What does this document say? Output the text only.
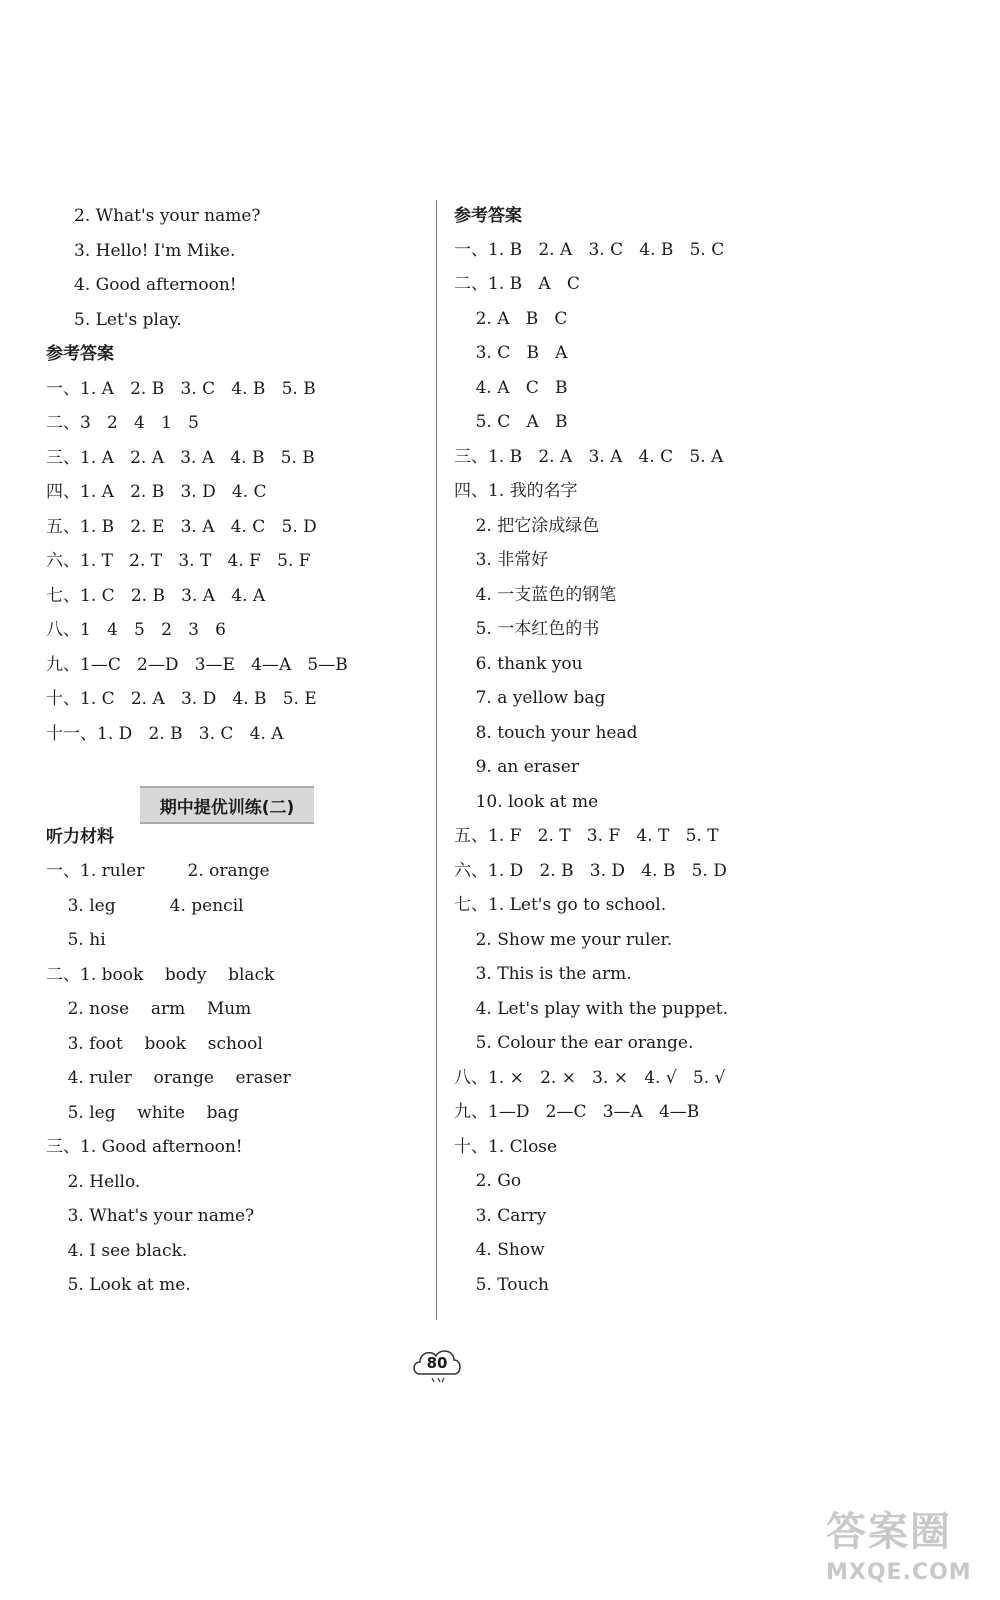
2. What's your name?
3. Hello! I'm Mike.
4. Good afternoon!
5. Let's play.
参考答案
一、1. A   2. B   3. C   4. B   5. B
二、3   2   4   1   5
三、1. A   2. A   3. A   4. B   5. B
四、1. A   2. B   3. D   4. C
五、1. B   2. E   3. A   4. C   5. D
六、1. T   2. T   3. T   4. F   5. F
七、1. C   2. B   3. A   4. A
八、1   4   5   2   3   6
九、1—C   2—D   3—E   4—A   5—B
十、1. C   2. A   3. D   4. B   5. E
十一、1. D   2. B   3. C   4. A
期中提优训练(二)
听力材料
一、1. ruler        2. orange
3. leg          4. pencil
5. hi
二、1. book    body    black
2. nose    arm    Mum
3. foot    book    school
4. ruler    orange    eraser
5. leg    white    bag
三、1. Good afternoon!
2. Hello.
3. What's your name?
4. I see black.
5. Look at me.
参考答案
一、1. B   2. A   3. C   4. B   5. C
二、1. B   A   C
2. A   B   C
3. C   B   A
4. A   C   B
5. C   A   B
三、1. B   2. A   3. A   4. C   5. A
四、1. 我的名字
2. 把它涂成绿色
3. 非常好
4. 一支蓝色的钢笔
5. 一本红色的书
6. thank you
7. a yellow bag
8. touch your head
9. an eraser
10. look at me
五、1. F   2. T   3. F   4. T   5. T
六、1. D   2. B   3. D   4. B   5. D
七、1. Let's go to school.
2. Show me your ruler.
3. This is the arm.
4. Let's play with the puppet.
5. Colour the ear orange.
八、1. ×   2. ×   3. ×   4. √   5. √
九、1—D   2—C   3—A   4—B
十、1. Close
2. Go
3. Carry
4. Show
5. Touch
80
答案圈
MXQE.COM
